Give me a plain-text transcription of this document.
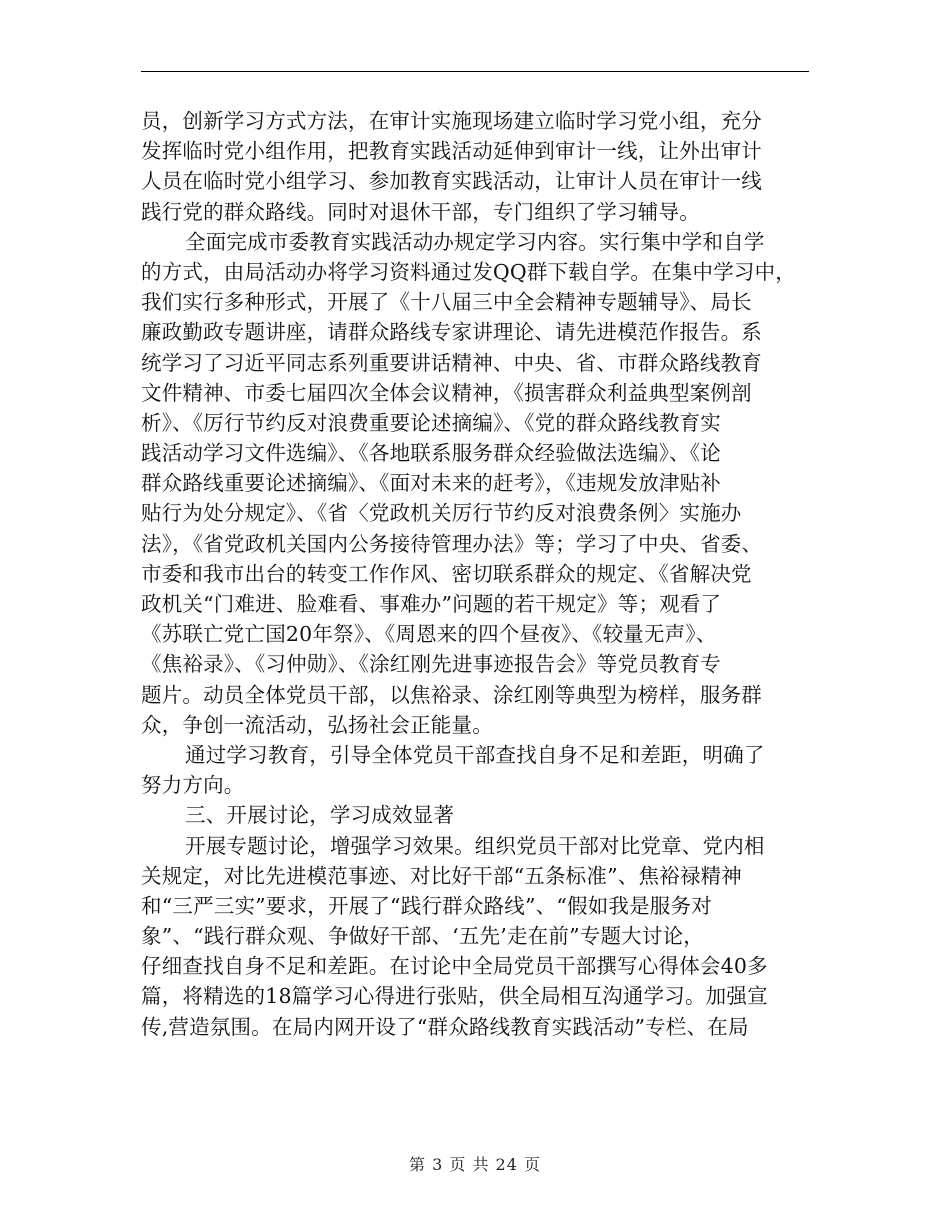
员，创新学习方式方法，在审计实施现场建立临时学习党小组，充分
发挥临时党小组作用，把教育实践活动延伸到审计一线，让外出审计
人员在临时党小组学习、参加教育实践活动，让审计人员在审计一线
践行党的群众路线。同时对退休干部，专门组织了学习辅导。
全面完成市委教育实践活动办规定学习内容。实行集中学和自学
的方式，由局活动办将学习资料通过发QQ群下载自学。在集中学习中，
我们实行多种形式，开展了《十八届三中全会精神专题辅导》、局长
廉政勤政专题讲座，请群众路线专家讲理论、请先进模范作报告。系
统学习了习近平同志系列重要讲话精神、中央、省、市群众路线教育
文件精神、市委七届四次全体会议精神，《损害群众利益典型案例剖
析》、《厉行节约反对浪费重要论述摘编》、《党的群众路线教育实
践活动学习文件选编》、《各地联系服务群众经验做法选编》、《论
群众路线重要论述摘编》、《面对未来的赶考》，《违规发放津贴补
贴行为处分规定》、《省〈党政机关厉行节约反对浪费条例〉实施办
法》，《省党政机关国内公务接待管理办法》等；学习了中央、省委、
市委和我市出台的转变工作作风、密切联系群众的规定、《省解决党
政机关“门难进、脸难看、事难办”问题的若干规定》等；观看了
《苏联亡党亡国20年祭》、《周恩来的四个昼夜》、《较量无声》、
《焦裕录》、《习仲勋》、《涂红刚先进事迹报告会》等党员教育专
题片。动员全体党员干部，以焦裕录、涂红刚等典型为榜样，服务群
众，争创一流活动，弘扬社会正能量。
通过学习教育，引导全体党员干部查找自身不足和差距，明确了
努力方向。
三、开展讨论，学习成效显著
开展专题讨论，增强学习效果。组织党员干部对比党章、党内相
关规定，对比先进模范事迹、对比好干部“五条标准”、焦裕禄精神
和“三严三实”要求，开展了“践行群众路线”、“假如我是服务对
象”、“践行群众观、争做好干部、‘五先’走在前”专题大讨论，
仔细查找自身不足和差距。在讨论中全局党员干部撰写心得体会40多
篇，将精选的18篇学习心得进行张贴，供全局相互沟通学习。加强宣
传,营造氛围。在局内网开设了“群众路线教育实践活动”专栏、在局
第 3 页 共 24 页
